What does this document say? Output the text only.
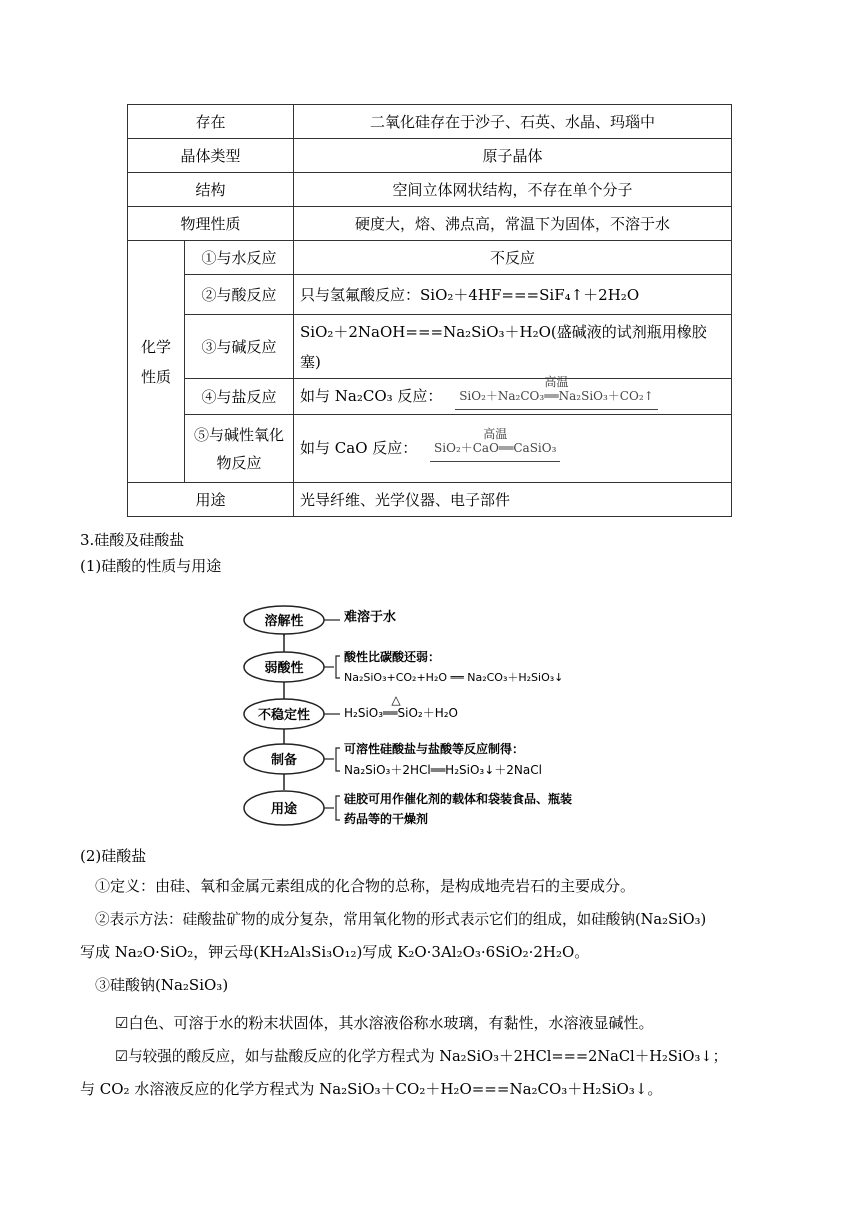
存在		二氧化硅存在于沙子、石英、水晶、玛瑙中
晶体类型		原子晶体
结构		空间立体网状结构，不存在单个分子
物理性质		硬度大，熔、沸点高，常温下为固体，不溶于水
化学性质	①与水反应	不反应
	②与酸反应	只与氢氟酸反应：SiO₂＋4HF===SiF₄↑＋2H₂O
	③与碱反应	SiO₂＋2NaOH===Na₂SiO₃＋H₂O(盛碱液的试剂瓶用橡胶塞)
	④与盐反应	如与 Na₂CO₃ 反应：
高温
SiO₂＋Na₂CO₃══Na₂SiO₃＋CO₂↑
	⑤与碱性氧化物反应	如与 CaO 反应：
高温
SiO₂＋CaO══CaSiO₃
用途		光导纤维、光学仪器、电子部件
3.硅酸及硅酸盐
(1)硅酸的性质与用途
溶解性	难溶于水
弱酸性
酸性比碳酸还弱：
Na₂SiO₃+CO₂+H₂O ══ Na₂CO₃＋H₂SiO₃↓
不稳定性
△
H₂SiO₃══SiO₂＋H₂O
制备
可溶性硅酸盐与盐酸等反应制得：
Na₂SiO₃＋2HCl══H₂SiO₃↓＋2NaCl
用途
硅胶可用作催化剂的载体和袋装食品、瓶装
药品等的干燥剂
(2)硅酸盐
①定义：由硅、氧和金属元素组成的化合物的总称，是构成地壳岩石的主要成分。
②表示方法：硅酸盐矿物的成分复杂，常用氧化物的形式表示它们的组成，如硅酸钠(Na₂SiO₃)
写成 Na₂O·SiO₂，钾云母(KH₂Al₃Si₃O₁₂)写成 K₂O·3Al₂O₃·6SiO₂·2H₂O。
③硅酸钠(Na₂SiO₃)
☑白色、可溶于水的粉末状固体，其水溶液俗称水玻璃，有黏性，水溶液显碱性。
☑与较强的酸反应，如与盐酸反应的化学方程式为 Na₂SiO₃＋2HCl===2NaCl＋H₂SiO₃↓；
与 CO₂ 水溶液反应的化学方程式为 Na₂SiO₃＋CO₂＋H₂O===Na₂CO₃＋H₂SiO₃↓。
